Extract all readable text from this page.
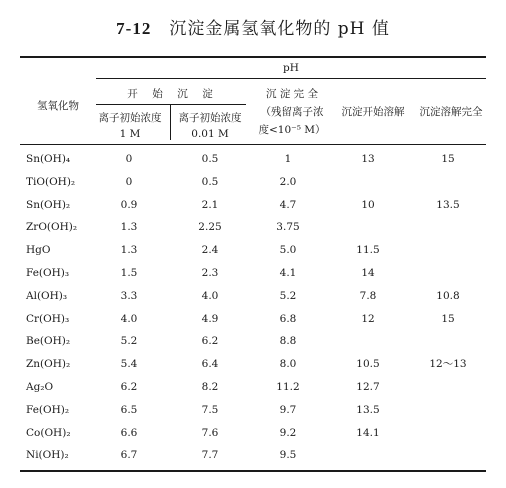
7-12 沉淀金属氢氧化物的 pH 值
氢氧化物
pH
开　始　沉　淀	沉 淀 完 全
（残留离子浓
度<10⁻⁵ M）
离子初始浓度
1 M
离子初始浓度
0.01 M
沉淀开始溶解	沉淀溶解完全
Sn(OH)₄	0	0.5	1	13	15
TiO(OH)₂	0	0.5	2.0
Sn(OH)₂	0.9	2.1	4.7	10	13.5
ZrO(OH)₂	1.3	2.25	3.75
HgO	1.3	2.4	5.0	11.5
Fe(OH)₃	1.5	2.3	4.1	14
Al(OH)₃	3.3	4.0	5.2	7.8	10.8
Cr(OH)₃	4.0	4.9	6.8	12	15
Be(OH)₂	5.2	6.2	8.8
Zn(OH)₂	5.4	6.4	8.0	10.5	12～13
Ag₂O	6.2	8.2	11.2	12.7
Fe(OH)₂	6.5	7.5	9.7	13.5
Co(OH)₂	6.6	7.6	9.2	14.1
Ni(OH)₂	6.7	7.7	9.5
